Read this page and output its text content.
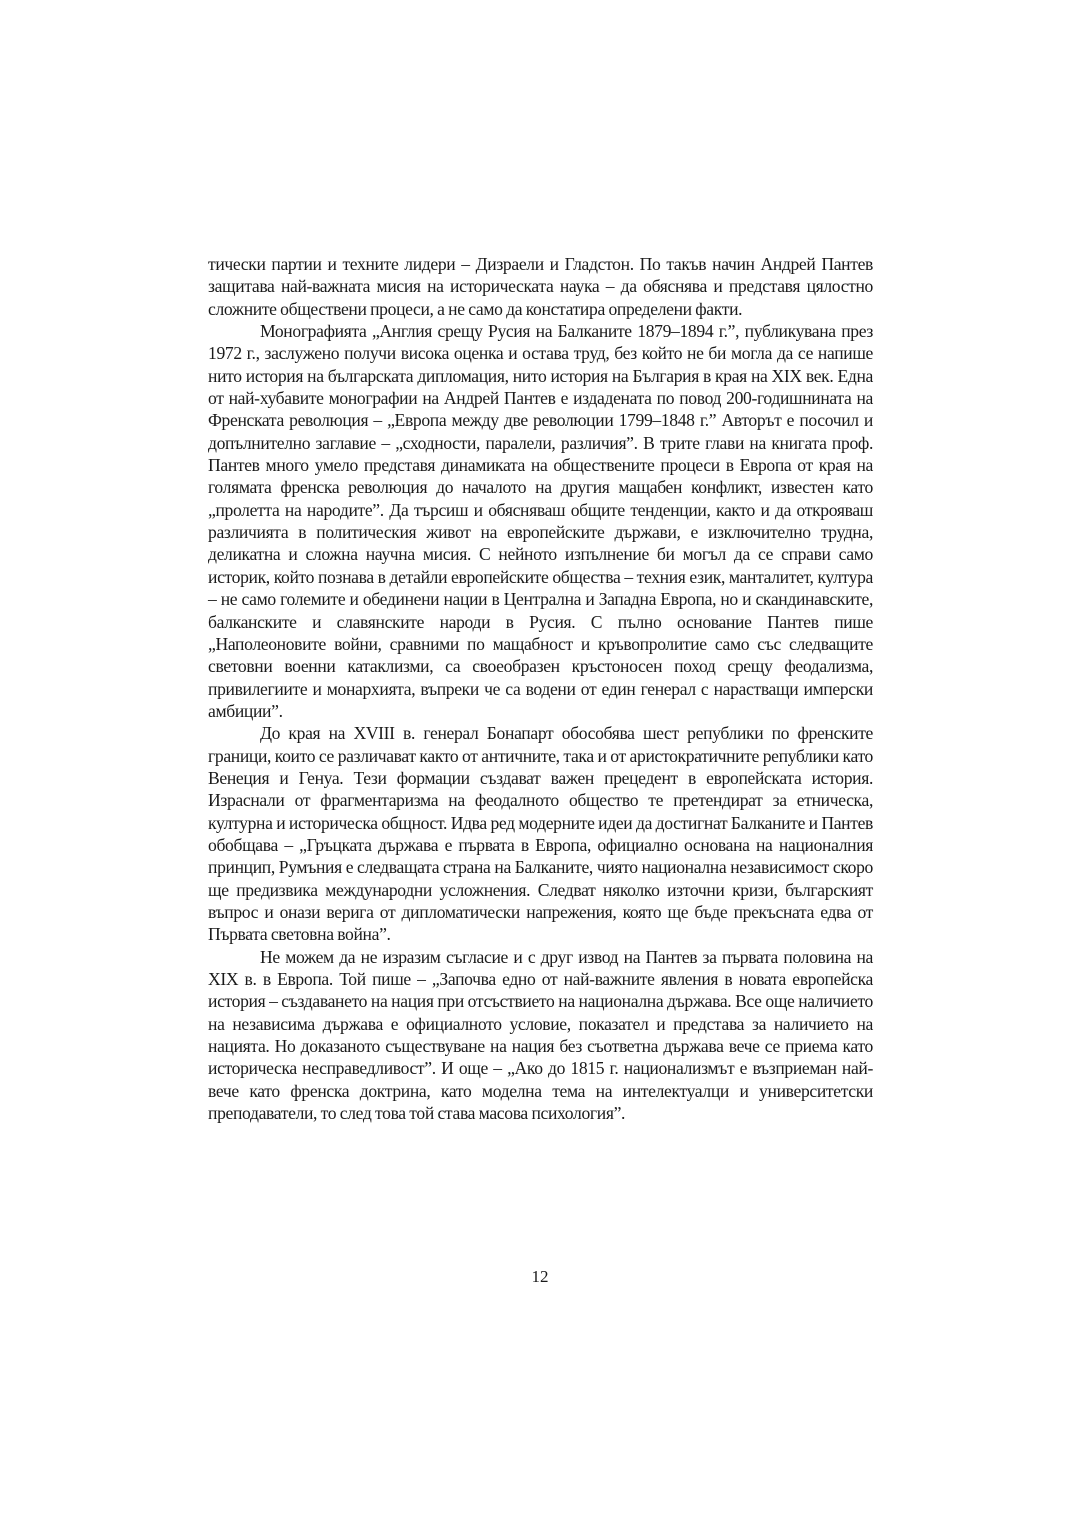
тически партии и техните лидери – Дизраели и Гладстон. По такъв начин Андрей Пантев защитава най-важната мисия на историческата наука – да обяснява и представя цялостно сложните обществени процеси, а не само да констатира определени факти.

Монографията „Англия срещу Русия на Балканите 1879–1894 г.”, публикувана през 1972 г., заслужено получи висока оценка и остава труд, без който не би могла да се напише нито история на българската дипломация, нито история на България в края на XIX век. Една от най-хубавите монографии на Андрей Пантев е издадената по повод 200-годишнината на Френската революция – „Европа между две революции 1799–1848 г.” Авторът е посочил и допълнително заглавие – „сходности, паралели, различия”. В трите глави на книгата проф. Пантев много умело представя динамиката на обществените процеси в Европа от края на голямата френска революция до началото на другия мащабен конфликт, известен като „пролетта на народите”. Да търсиш и обясняваш общите тенденции, както и да открояваш различията в политическия живот на европейските държави, е изключително трудна, деликатна и сложна научна мисия. С нейното изпълнение би могъл да се справи само историк, който познава в детайли европейските общества – техния език, манталитет, култура – не само големите и обединени нации в Централна и Западна Европа, но и скандинавските, балканските и славянските народи в Русия. С пълно основание Пантев пише „Наполеоновите войни, сравними по мащабност и кръвопролитие само със следващите световни военни катаклизми, са своеобразен кръстоносен поход срещу феодализма, привилегиите и монархията, въпреки че са водени от един генерал с нарастващи имперски амбиции”.

До края на XVIII в. генерал Бонапарт обособява шест републики по френските граници, които се различават както от античните, така и от аристократичните републики като Венеция и Генуа. Тези формации създават важен прецедент в европейската история. Израснали от фрагментаризма на феодалното общество те претендират за етническа, културна и историческа общност. Идва ред модерните идеи да достигнат Балканите и Пантев обобщава – „Гръцката държава е първата в Европа, официално основана на националния принцип, Румъния е следващата страна на Балканите, чиято национална независимост скоро ще предизвика международни усложнения. Следват няколко източни кризи, българският въпрос и онази верига от дипломатически напрежения, която ще бъде прекъсната едва от Първата световна война”.

Не можем да не изразим съгласие и с друг извод на Пантев за първата половина на XIX в. в Европа. Той пише – „Започва едно от най-важните явления в новата европейска история – създаването на нация при отсъствието на национална държава. Все още наличието на независима държава е официалното условие, показател и представа за наличието на нацията. Но доказаното съществуване на нация без съответна държава вече се приема като историческа несправедливост”. И още – „Ако до 1815 г. национализмът е възприеман най-вече като френска доктрина, като моделна тема на интелектуалци и университетски преподаватели, то след това той става масова психология”.

12
